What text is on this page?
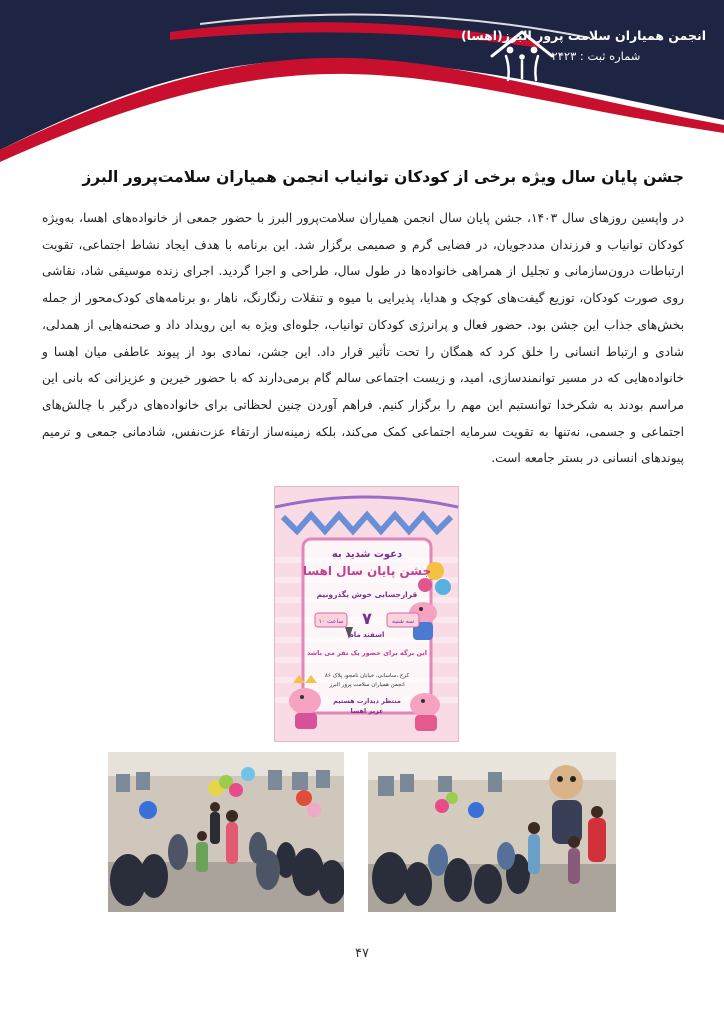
انجمن همیاران سلامت پرور البرز(اهسا)
شماره ثبت : ۲۴۲۳
جشن پایان سال ویژه برخی از کودکان توانیاب انجمن همیاران سلامت‌پرور البرز
در واپسین روزهای سال ۱۴۰۳، جشن پایان سال انجمن همیاران سلامت‌پرور البرز با حضور جمعی از خانواده‌های اهسا، به‌ویژه کودکان توانیاب و فرزندان مددجویان، در فضایی گرم و صمیمی برگزار شد. این برنامه با هدف ایجاد نشاط اجتماعی، تقویت ارتباطات درون‌سازمانی و تجلیل از همراهی خانواده‌ها در طول سال، طراحی و اجرا گردید. اجرای زنده موسیقی شاد، نقاشی روی صورت کودکان، توزیع گیفت‌های کوچک و هدایا، پذیرایی با میوه و تنقلات رنگارنگ، ناهار ،و برنامه‌های کودک‌محور از جمله بخش‌های جذاب این جشن بود. حضور فعال و پرانرژی کودکان توانیاب، جلوه‌ای ویژه به این رویداد داد و صحنه‌هایی از همدلی، شادی و ارتباط انسانی را خلق کرد که همگان را تحت تأثیر قرار داد. این جشن، نمادی بود از پیوند عاطفی میان اهسا و خانواده‌هایی که در مسیر توانمندسازی، امید، و زیست اجتماعی سالم گام برمی‌دارند که با حضور خیرین و عزیزانی که بانی این مراسم بودند به شکرخدا توانستیم این مهم را برگزار کنیم. فراهم آوردن چنین لحظاتی برای خانواده‌های درگیر با چالش‌های اجتماعی و جسمی، نه‌تنها به تقویت سرمایه اجتماعی کمک می‌کند، بلکه زمینه‌ساز ارتقاء عزت‌نفس، شادمانی جمعی و ترمیم پیوندهای انسانی در بستر جامعه است.
دعوت شدید به
جشن پایان سال اهسا
قرارحسابی خوش بگذرونیم
سه شنبه
ساعت ۱۰ ۷
اسفند ماه
این برگه برای حضور یک نفر می باشد
کرج ،ساسانی، خیابان نامجو، پلاک ۸۶
انجمن همیاران سلامت پرور البرز
منتظر دیدارت هستیم
عزیز اهسا
۴۷
